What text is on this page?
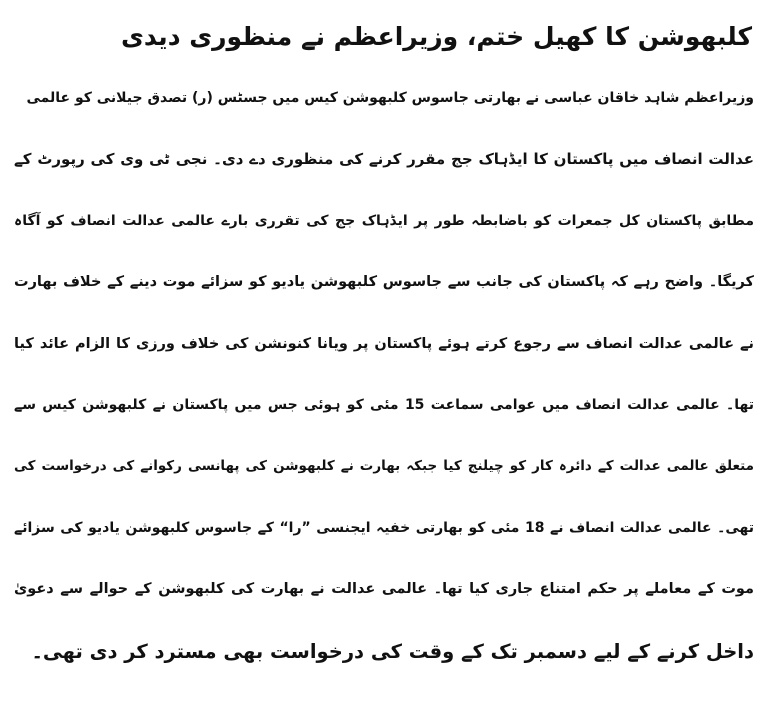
کلبھوشن کا کھیل ختم، وزیراعظم نے منظوری دیدی
وزیراعظم شاہد خاقان عباسی نے بھارتی جاسوس کلبھوشن کیس میں جسٹس (ر) تصدق جیلانی کو عالمی
عدالت انصاف میں پاکستان کا ایڈہاک جج مقرر کرنے کی منظوری دے دی۔ نجی ٹی وی کی رپورٹ کے
مطابق پاکستان کل جمعرات کو باضابطہ طور پر ایڈہاک جج کی تقرری بارے عالمی عدالت انصاف کو آگاہ
کریگا۔ واضح رہے کہ پاکستان کی جانب سے جاسوس کلبھوشن یادیو کو سزائے موت دینے کے خلاف بھارت
نے عالمی عدالت انصاف سے رجوع کرتے ہوئے پاکستان پر ویانا کنونشن کی خلاف ورزی کا الزام عائد کیا
تھا۔ عالمی عدالت انصاف میں عوامی سماعت 15 مئی کو ہوئی جس میں پاکستان نے کلبھوشن کیس سے
متعلق عالمی عدالت کے دائرہ کار کو چیلنج کیا جبکہ بھارت نے کلبھوشن کی پھانسی رکوانے کی درخواست کی
تھی۔ عالمی عدالت انصاف نے 18 مئی کو بھارتی خفیہ ایجنسی ”را“ کے جاسوس کلبھوشن یادیو کی سزائے
موت کے معاملے پر حکم امتناع جاری کیا تھا۔ عالمی عدالت نے بھارت کی کلبھوشن کے حوالے سے دعویٰ
داخل کرنے کے لیے دسمبر تک کے وقت کی درخواست بھی مسترد کر دی تھی۔
